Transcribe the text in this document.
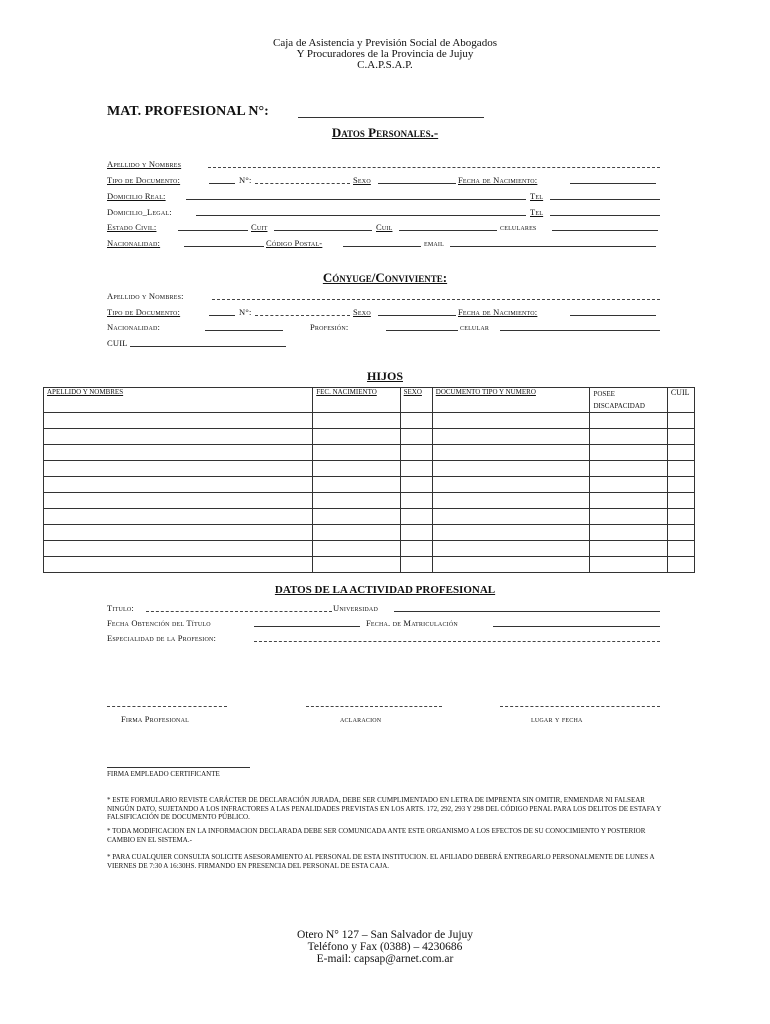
Caja de Asistencia y Previsión Social de Abogados
Y Procuradores de la Provincia de Jujuy
C.A.P.S.A.P.
MAT. PROFESIONAL N°:
Datos Personales.-
Apellido y Nombres
Tipo de Documento:	N°:	Sexo	Fecha de Nacimiento:
Domicilio Real:	Tel
Domicilio_Legal:	Tel
Estado Civil:	Cuit	Cuil	celulares
Nacionalidad:	Código Postal-	email
Cónyuge/Conviviente:
Apellido y Nombres:
Tipo de Documento:	N°:	Sexo	Fecha de Nacimiento:
Nacionalidad:	Profesión:	celular
CUIL
HIJOS
APELLIDO Y NOMBRES	FEC. NACIMIENTO	SEXO	DOCUMENTO TIPO Y NUMERO	POSEE DISCAPACIDAD	CUIL

DATOS DE LA ACTIVIDAD PROFESIONAL
Titulo:	Universidad
Fecha Obtención del Título	Fecha. de Matriculación
Especialidad de la Profesion:
Firma Profesional	aclaracion	lugar y fecha
FIRMA EMPLEADO CERTIFICANTE
* ESTE FORMULARIO REVISTE CARÁCTER DE DECLARACIÓN JURADA, DEBE SER CUMPLIMENTADO EN LETRA DE IMPRENTA SIN OMITIR, ENMENDAR NI FALSEAR NINGÚN DATO, SUJETANDO A LOS INFRACTORES A LAS PENALIDADES PREVISTAS EN LOS ARTS. 172, 292, 293 Y 298 DEL CÓDIGO PENAL PARA LOS DELITOS DE ESTAFA Y FALSIFICACIÓN DE DOCUMENTO PÚBLICO.
* TODA MODIFICACION EN LA INFORMACION DECLARADA DEBE SER COMUNICADA ANTE ESTE ORGANISMO A LOS EFECTOS DE SU CONOCIMIENTO Y POSTERIOR CAMBIO EN EL SISTEMA.-
* PARA CUALQUIER CONSULTA SOLICITE ASESORAMIENTO AL PERSONAL DE ESTA INSTITUCION. EL AFILIADO DEBERÁ ENTREGARLO PERSONALMENTE DE LUNES A VIERNES DE 7:30 A 16:30HS. FIRMANDO EN PRESENCIA DEL PERSONAL DE ESTA CAJA.
Otero N° 127 – San Salvador de Jujuy
Teléfono y Fax (0388) – 4230686
E-mail: capsap@arnet.com.ar
